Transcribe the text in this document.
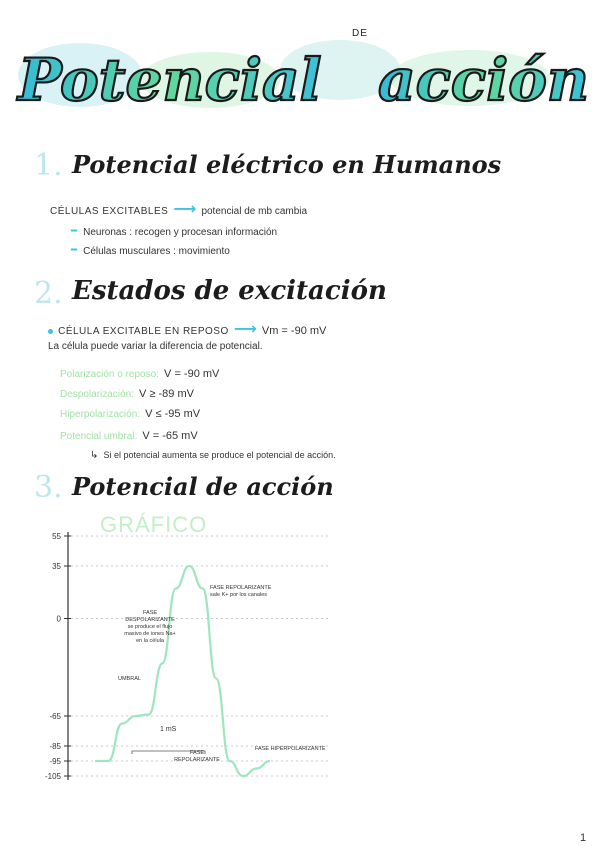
Potencial acción
DE
1. Potencial eléctrico en Humanos
CÉLULAS EXCITABLES ⟶ potencial de mb cambia
– Neuronas : recogen y procesan información
– Células musculares : movimiento
2. Estados de excitación
CÉLULA EXCITABLE EN REPOSO ⟶ Vm = -90 mV
La célula puede variar la diferencia de potencial.
Polarización o reposo: V = -90 mV
Despolarización: V ≥ -89 mV
Hiperpolarización: V ≤ -95 mV
Potencial umbral: V = -65 mV
↳ Si el potencial aumenta se produce el potencial de acción.
3. Potencial de acción
GRÁFICO
55
35
0
-65
-85
-95
-105
FASE DESPOLARIZANTE
se produce el flujo masivo de iones Na+ en la célula
FASE REPOLARIZANTE
sale K+ por los canales
UMBRAL
1 mS
FASE REPOLARIZANTE
FASE HIPERPOLARIZANTE
1
